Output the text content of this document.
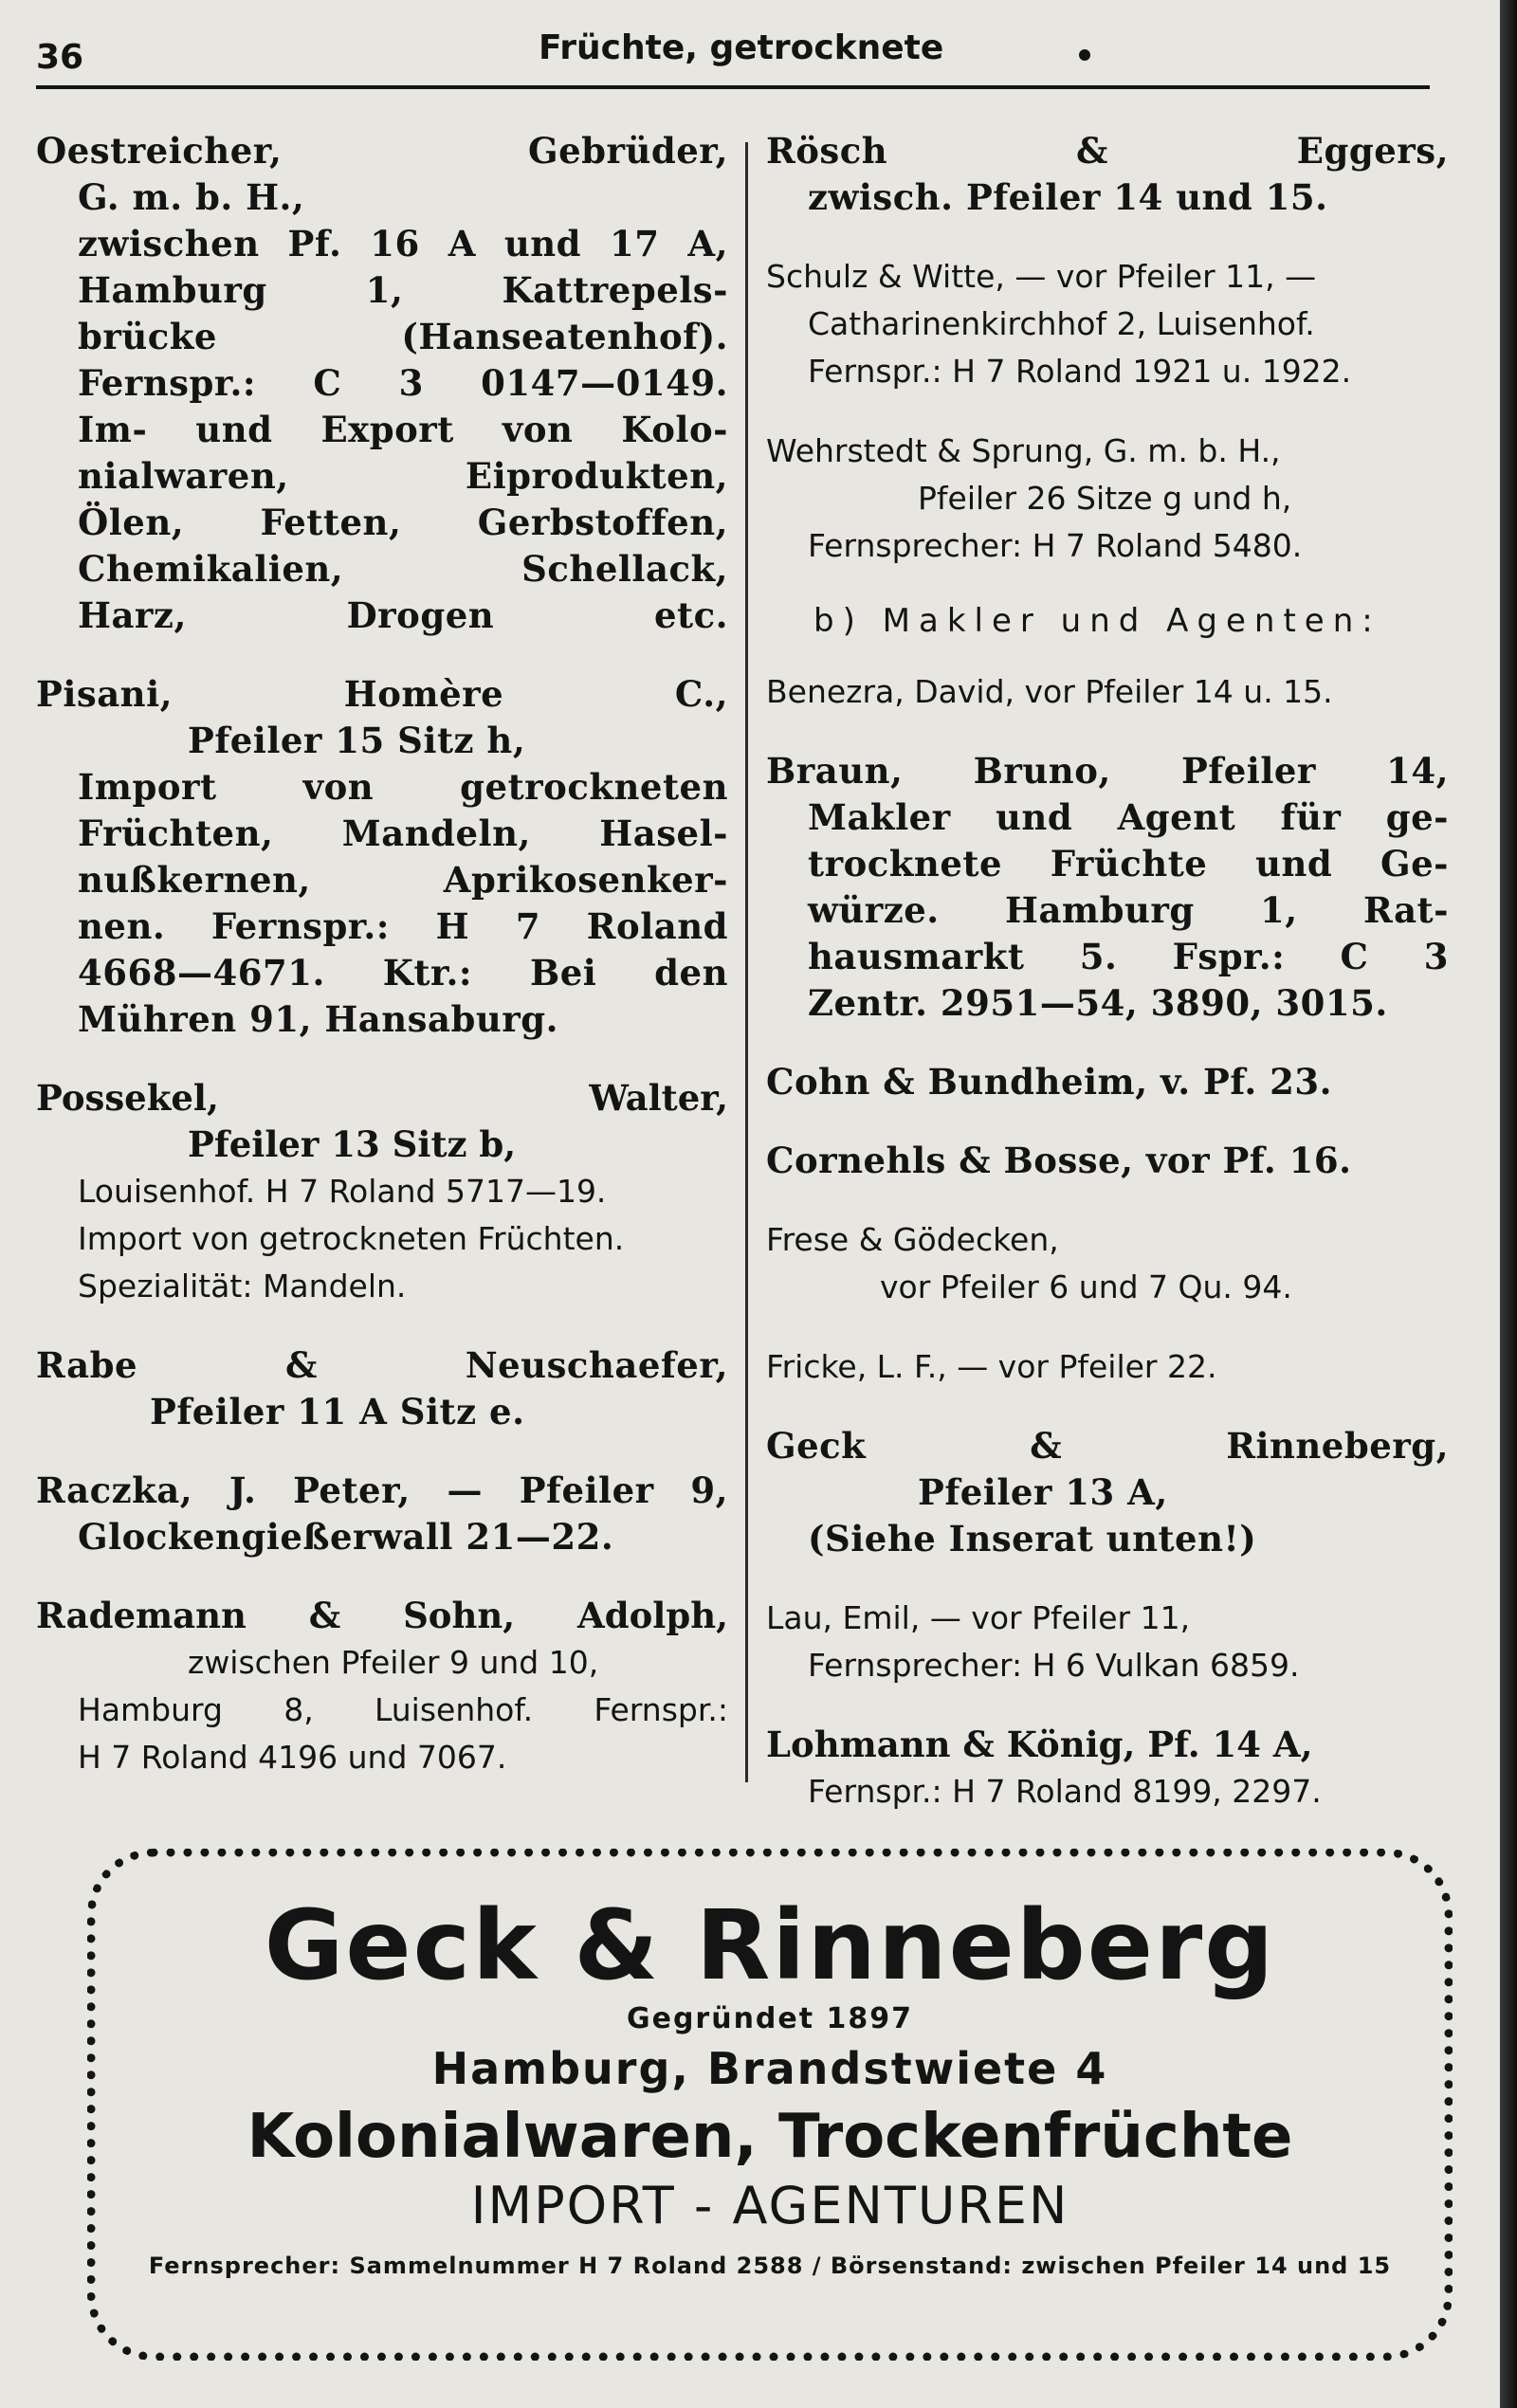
36	Früchte, getrocknete
Oestreicher, Gebrüder,
G. m. b. H.,
zwischen Pf. 16 A und 17 A,
Hamburg 1, Kattrepels-
brücke (Hanseatenhof).
Fernspr.: C 3 0147—0149.
Im- und Export von Kolo-
nialwaren, Eiprodukten,
Ölen, Fetten, Gerbstoffen,
Chemikalien, Schellack,
Harz, Drogen etc.
Pisani, Homère C.,
Pfeiler 15 Sitz h,
Import von getrockneten
Früchten, Mandeln, Hasel-
nußkernen, Aprikosenker-
nen. Fernspr.: H 7 Roland
4668—4671. Ktr.: Bei den
Mühren 91, Hansaburg.
Possekel, Walter,
Pfeiler 13 Sitz b,
Louisenhof. H 7 Roland 5717—19.
Import von getrockneten Früchten.
Spezialität: Mandeln.
Rabe & Neuschaefer,
Pfeiler 11 A Sitz e.
Raczka, J. Peter, — Pfeiler 9,
Glockengießerwall 21—22.
Rademann & Sohn, Adolph,
zwischen Pfeiler 9 und 10,
Hamburg 8, Luisenhof. Fernspr.:
H 7 Roland 4196 und 7067.
Rösch & Eggers,
zwisch. Pfeiler 14 und 15.
Schulz & Witte, — vor Pfeiler 11, —
Catharinenkirchhof 2, Luisenhof.
Fernspr.: H 7 Roland 1921 u. 1922.
Wehrstedt & Sprung, G. m. b. H.,
Pfeiler 26 Sitze g und h,
Fernsprecher: H 7 Roland 5480.
b) Makler und Agenten:
Benezra, David, vor Pfeiler 14 u. 15.
Braun, Bruno, Pfeiler 14,
Makler und Agent für ge-
trocknete Früchte und Ge-
würze. Hamburg 1, Rat-
hausmarkt 5. Fspr.: C 3
Zentr. 2951—54, 3890, 3015.
Cohn & Bundheim, v. Pf. 23.
Cornehls & Bosse, vor Pf. 16.
Frese & Gödecken,
vor Pfeiler 6 und 7 Qu. 94.
Fricke, L. F., — vor Pfeiler 22.
Geck & Rinneberg,
Pfeiler 13 A,
(Siehe Inserat unten!)
Lau, Emil, — vor Pfeiler 11,
Fernsprecher: H 6 Vulkan 6859.
Lohmann & König, Pf. 14 A,
Fernspr.: H 7 Roland 8199, 2297.
Geck & Rinneberg
Gegründet 1897
Hamburg, Brandstwiete 4
Kolonialwaren, Trockenfrüchte
IMPORT - AGENTUREN
Fernsprecher: Sammelnummer H 7 Roland 2588 / Börsenstand: zwischen Pfeiler 14 und 15
